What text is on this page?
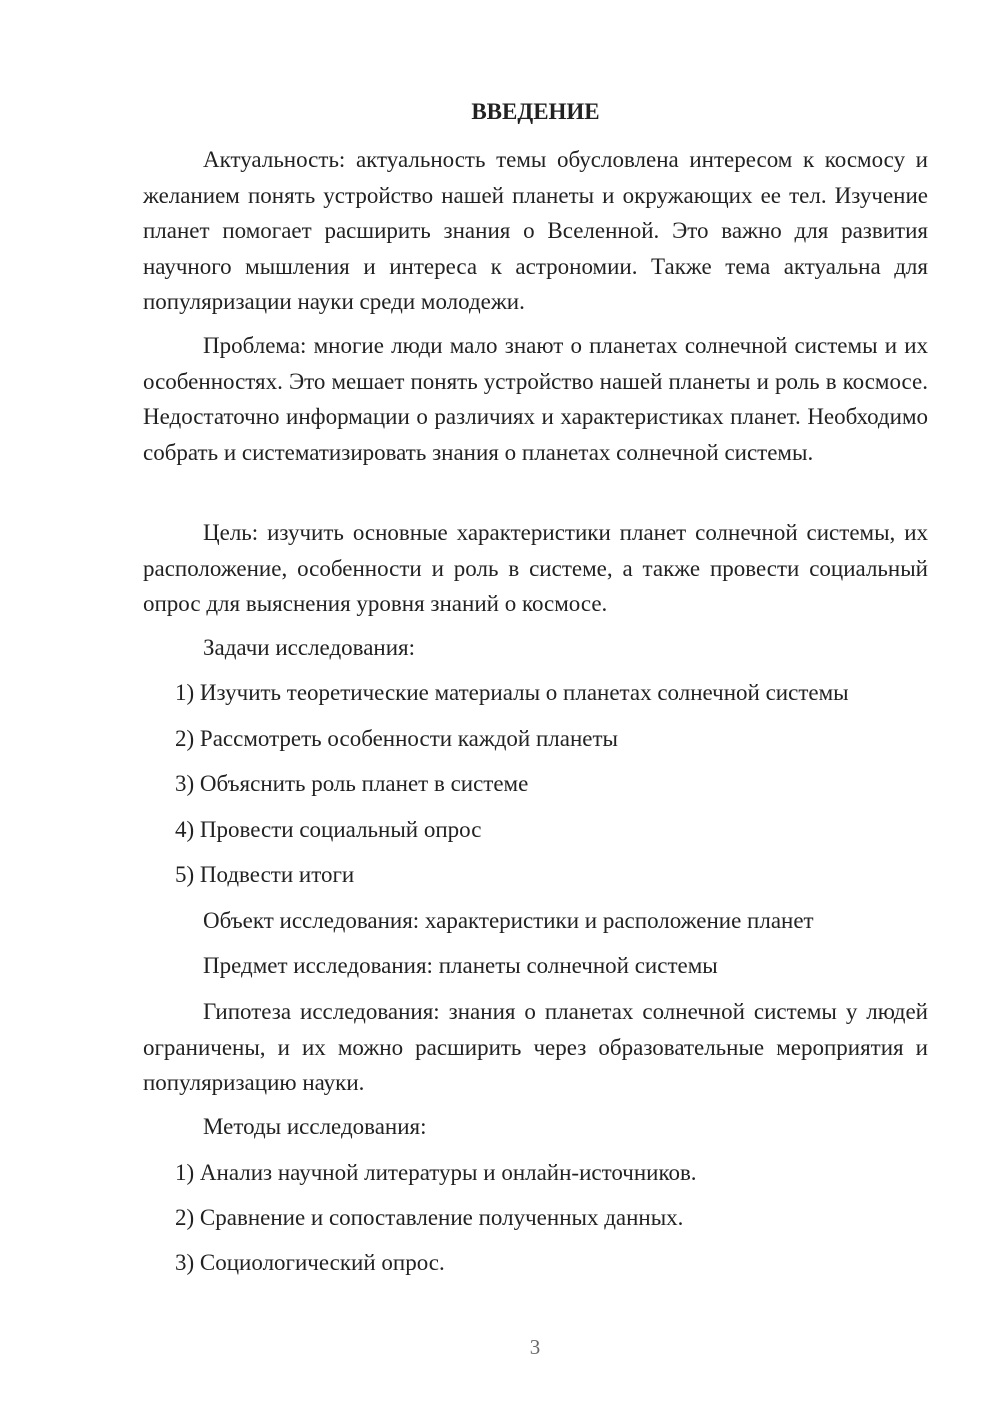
ВВЕДЕНИЕ

Актуальность: актуальность темы обусловлена интересом к космосу и желанием понять устройство нашей планеты и окружающих ее тел. Изучение планет помогает расширить знания о Вселенной. Это важно для развития научного мышления и интереса к астрономии. Также тема актуальна для популяризации науки среди молодежи.

Проблема: многие люди мало знают о планетах солнечной системы и их особенностях. Это мешает понять устройство нашей планеты и роль в космосе. Недостаточно информации о различиях и характеристиках планет. Необходимо собрать и систематизировать знания о планетах солнечной системы.

Цель: изучить основные характеристики планет солнечной системы, их расположение, особенности и роль в системе, а также провести социальный опрос для выяснения уровня знаний о космосе.

Задачи исследования:

1) Изучить теоретические материалы о планетах солнечной системы

2) Рассмотреть особенности каждой планеты

3) Объяснить роль планет в системе

4) Провести социальный опрос

5) Подвести итоги

Объект исследования: характеристики и расположение планет

Предмет исследования: планеты солнечной системы

Гипотеза исследования: знания о планетах солнечной системы у людей ограничены, и их можно расширить через образовательные мероприятия и популяризацию науки.

Методы исследования:

1) Анализ научной литературы и онлайн-источников.

2) Сравнение и сопоставление полученных данных.

3) Социологический опрос.

3
